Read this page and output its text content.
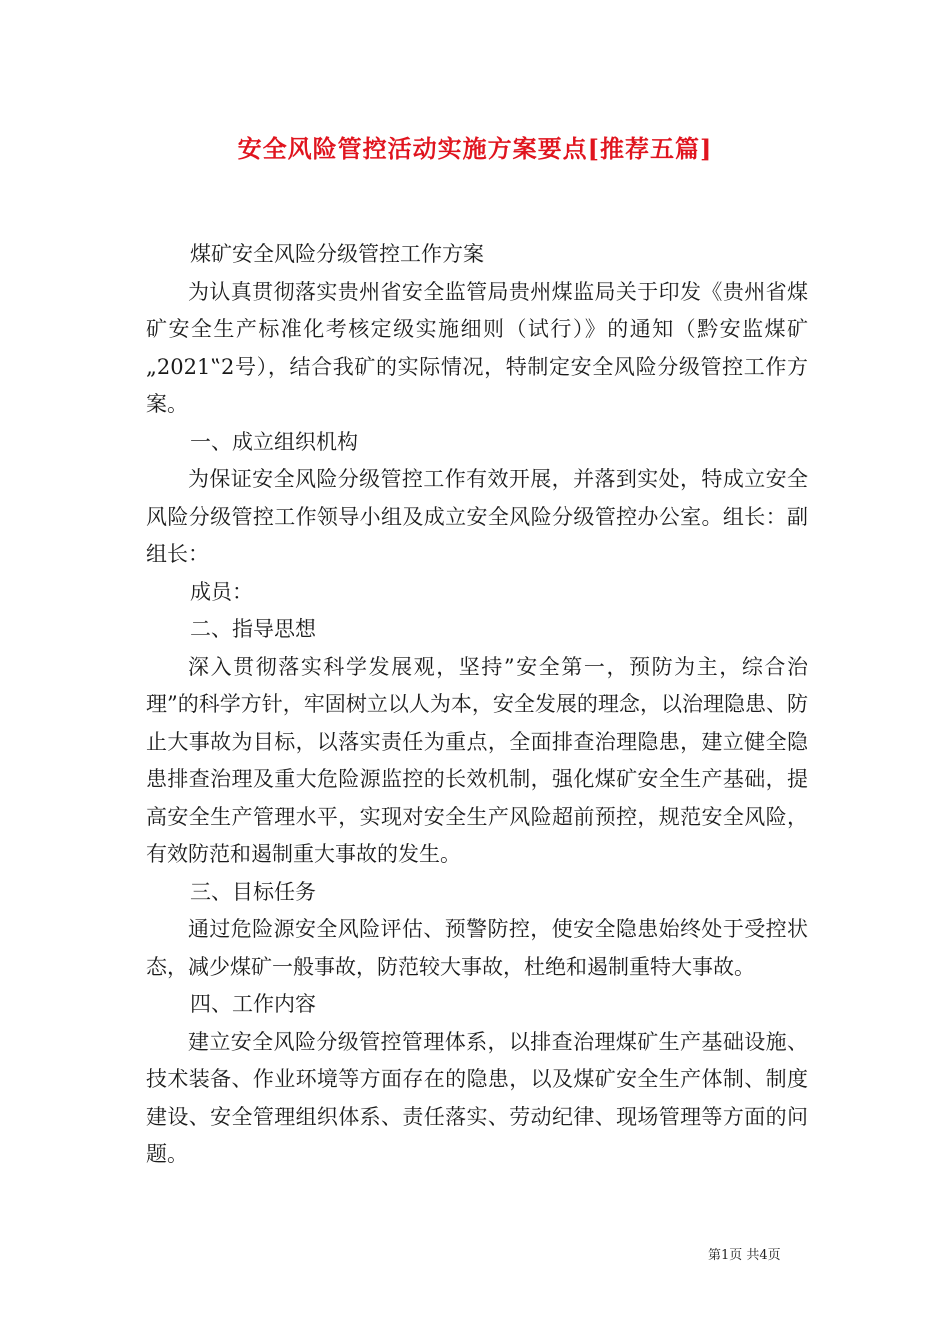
安全风险管控活动实施方案要点[推荐五篇]

煤矿安全风险分级管控工作方案

为认真贯彻落实贵州省安全监管局贵州煤监局关于印发《贵州省煤矿安全生产标准化考核定级实施细则（试行）》的通知（黔安监煤矿„2021‟2号），结合我矿的实际情况，特制定安全风险分级管控工作方案。

一、成立组织机构

为保证安全风险分级管控工作有效开展，并落到实处，特成立安全风险分级管控工作领导小组及成立安全风险分级管控办公室。组长：副组长：

成员：

二、指导思想

深入贯彻落实科学发展观，坚持”安全第一，预防为主，综合治理”的科学方针，牢固树立以人为本，安全发展的理念，以治理隐患、防止大事故为目标，以落实责任为重点，全面排查治理隐患，建立健全隐患排查治理及重大危险源监控的长效机制，强化煤矿安全生产基础，提高安全生产管理水平，实现对安全生产风险超前预控，规范安全风险，有效防范和遏制重大事故的发生。

三、目标任务

通过危险源安全风险评估、预警防控，使安全隐患始终处于受控状态，减少煤矿一般事故，防范较大事故，杜绝和遏制重特大事故。

四、工作内容

建立安全风险分级管控管理体系，以排查治理煤矿生产基础设施、技术装备、作业环境等方面存在的隐患，以及煤矿安全生产体制、制度建设、安全管理组织体系、责任落实、劳动纪律、现场管理等方面的问题。

第1页 共4页
